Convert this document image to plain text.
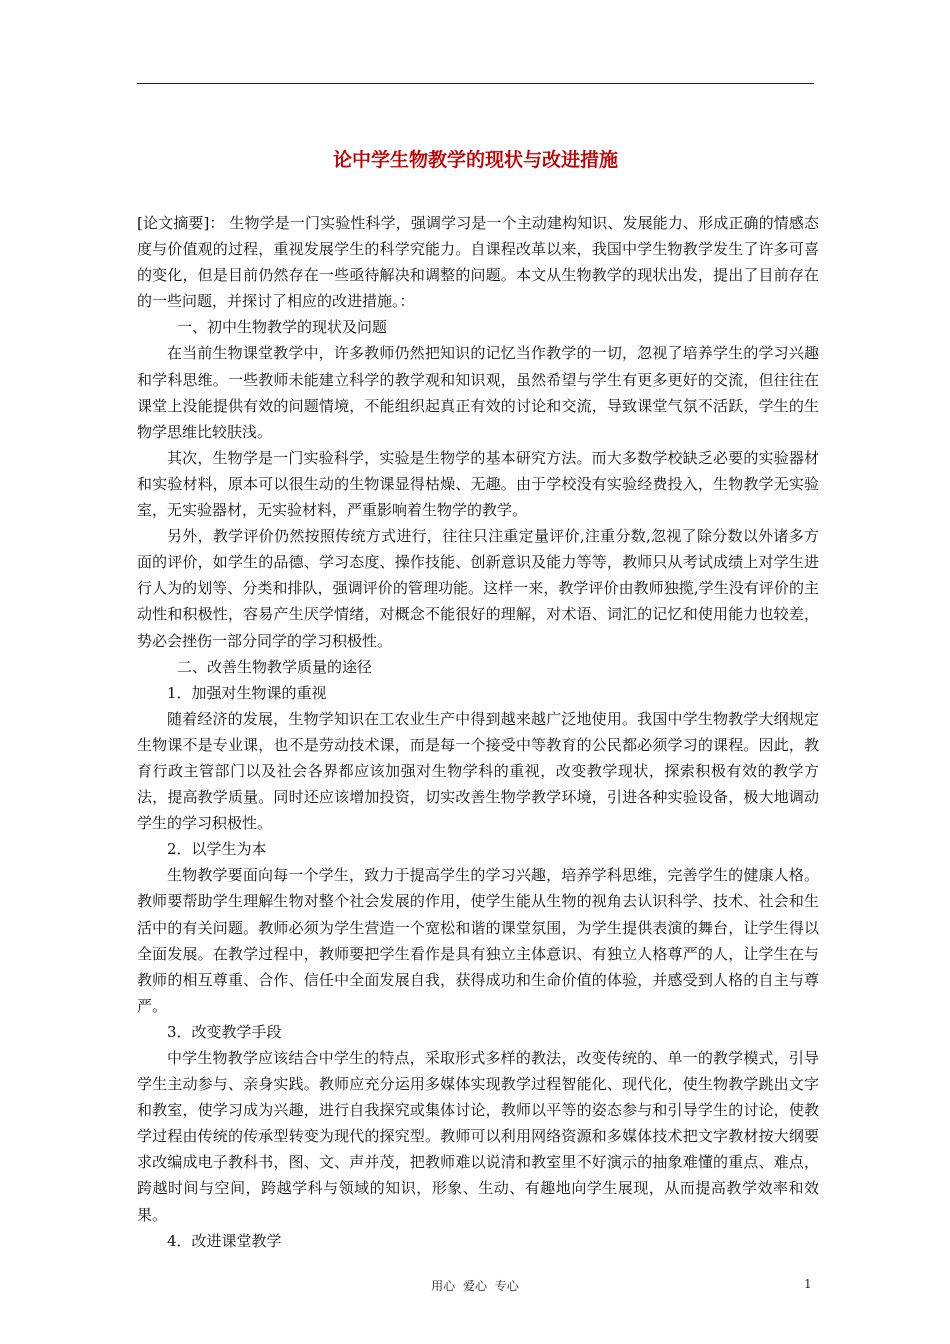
论中学生物教学的现状与改进措施

[论文摘要]： 生物学是一门实验性科学，强调学习是一个主动建构知识、发展能力、形成正确的情感态度与价值观的过程，重视发展学生的科学究能力。自课程改革以来，我国中学生物教学发生了许多可喜的变化，但是目前仍然存在一些亟待解决和调整的问题。本文从生物教学的现状出发，提出了目前存在的一些问题，并探讨了相应的改进措施。：

一、初中生物教学的现状及问题

在当前生物课堂教学中，许多教师仍然把知识的记忆当作教学的一切，忽视了培养学生的学习兴趣和学科思维。一些教师未能建立科学的教学观和知识观，虽然希望与学生有更多更好的交流，但往往在课堂上没能提供有效的问题情境，不能组织起真正有效的讨论和交流，导致课堂气氛不活跃，学生的生物学思维比较肤浅。

其次，生物学是一门实验科学，实验是生物学的基本研究方法。而大多数学校缺乏必要的实验器材和实验材料，原本可以很生动的生物课显得枯燥、无趣。由于学校没有实验经费投入，生物教学无实验室，无实验器材，无实验材料，严重影响着生物学的教学。

另外，教学评价仍然按照传统方式进行，往往只注重定量评价,注重分数,忽视了除分数以外诸多方面的评价，如学生的品德、学习态度、操作技能、创新意识及能力等等，教师只从考试成绩上对学生进行人为的划等、分类和排队，强调评价的管理功能。这样一来，教学评价由教师独揽,学生没有评价的主动性和积极性，容易产生厌学情绪，对概念不能很好的理解，对术语、词汇的记忆和使用能力也较差，势必会挫伤一部分同学的学习积极性。

二、改善生物教学质量的途径

1．加强对生物课的重视

随着经济的发展，生物学知识在工农业生产中得到越来越广泛地使用。我国中学生物教学大纲规定生物课不是专业课，也不是劳动技术课，而是每一个接受中等教育的公民都必须学习的课程。因此，教育行政主管部门以及社会各界都应该加强对生物学科的重视，改变教学现状，探索积极有效的教学方法，提高教学质量。同时还应该增加投资，切实改善生物学教学环境，引进各种实验设备，极大地调动学生的学习积极性。

2．以学生为本

生物教学要面向每一个学生，致力于提高学生的学习兴趣，培养学科思维，完善学生的健康人格。教师要帮助学生理解生物对整个社会发展的作用，使学生能从生物的视角去认识科学、技术、社会和生活中的有关问题。教师必须为学生营造一个宽松和谐的课堂氛围，为学生提供表演的舞台，让学生得以全面发展。在教学过程中，教师要把学生看作是具有独立主体意识、有独立人格尊严的人，让学生在与教师的相互尊重、合作、信任中全面发展自我，获得成功和生命价值的体验，并感受到人格的自主与尊严。

3．改变教学手段

中学生物教学应该结合中学生的特点，采取形式多样的教法，改变传统的、单一的教学模式，引导学生主动参与、亲身实践。教师应充分运用多媒体实现教学过程智能化、现代化，使生物教学跳出文字和教室，使学习成为兴趣，进行自我探究或集体讨论，教师以平等的姿态参与和引导学生的讨论，使教学过程由传统的传承型转变为现代的探究型。教师可以利用网络资源和多媒体技术把文字教材按大纲要求改编成电子教科书，图、文、声并茂，把教师难以说清和教室里不好演示的抽象难懂的重点、难点，跨越时间与空间，跨越学科与领域的知识，形象、生动、有趣地向学生展现，从而提高教学效率和效果。

4．改进课堂教学

用心 爱心 专心	1
